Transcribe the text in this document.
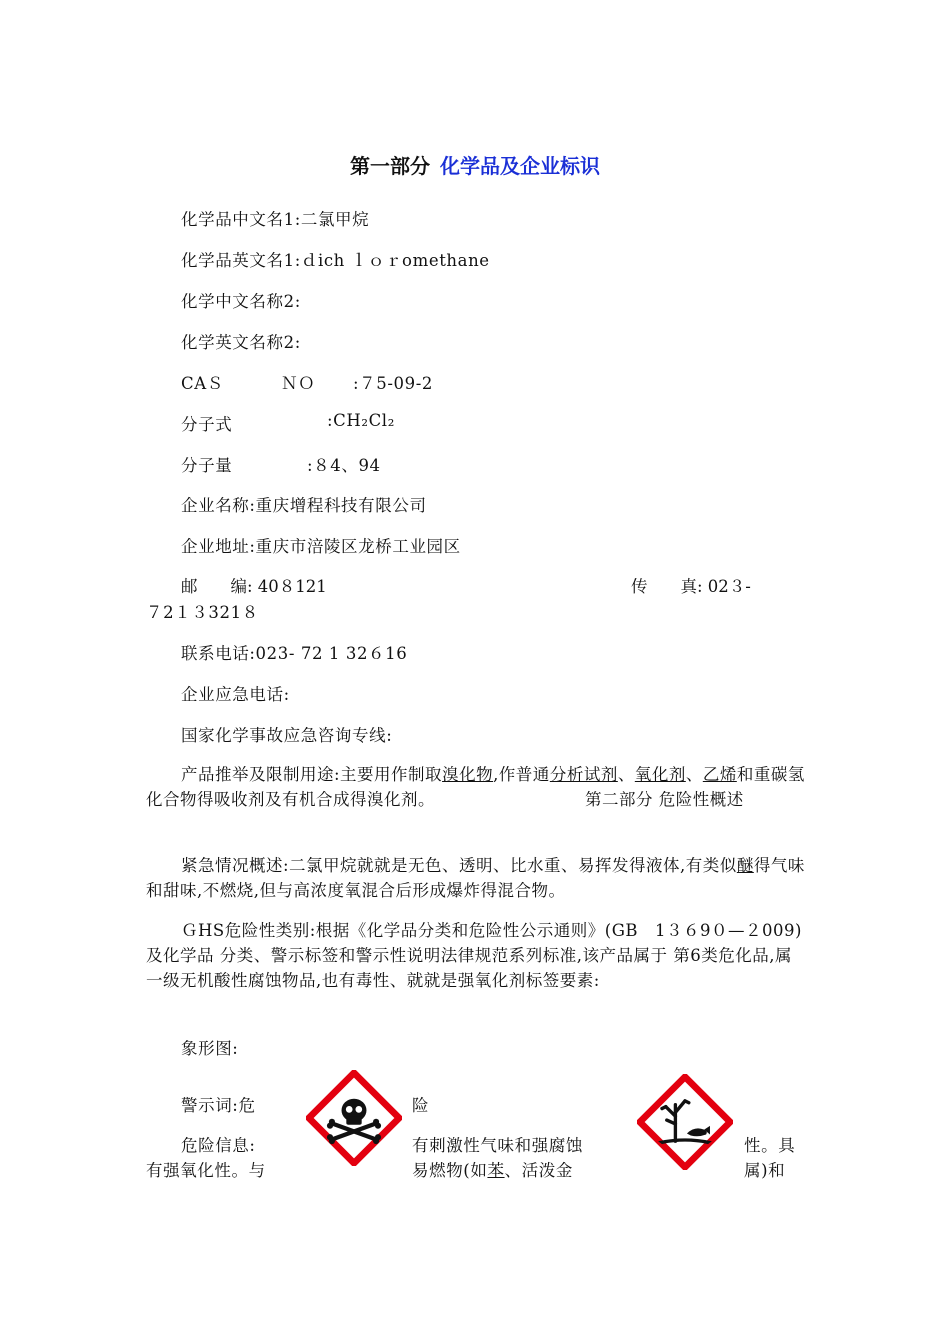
第一部分 化学品及企业标识
化学品中文名1:二氯甲烷
化学品英文名1:ｄich ｌｏｒomethane
化学中文名称2:
化学英文名称2:
CAＳ	ＮＯ :７5-09-2
分子式	:CH₂Cl₂
分子量	:８4、94
企业名称:重庆增程科技有限公司
企业地址:重庆市涪陵区龙桥工业园区
邮　　编: 40８121	传　　真: 02３-
７2１３321８
联系电话:023- 72 1 32６16
企业应急电话:
国家化学事故应急咨询专线:
产品推举及限制用途:主要用作制取溴化物,作普通分析试剂、氧化剂、乙烯和重碳氢化合物得吸收剂及有机合成得溴化剂。	第二部分 危险性概述
紧急情况概述:二氯甲烷就就是无色、透明、比水重、易挥发得液体,有类似醚得气味和甜味,不燃烧,但与高浓度氧混合后形成爆炸得混合物。
ＧHS危险性类别:根据《化学品分类和危险性公示通则》(GB　1３６9０—２009)及化学品 分类、警示标签和警示性说明法律规范系列标准,该产品属于 第6类危化品,属一级无机酸性腐蚀物品,也有毒性、就就是强氧化剂标签要素:
象形图:
警示词:危	险
危险信息:	有刺激性气味和强腐蚀	性。具
有强氧化性。与	易燃物(如苯、活泼金	属)和
